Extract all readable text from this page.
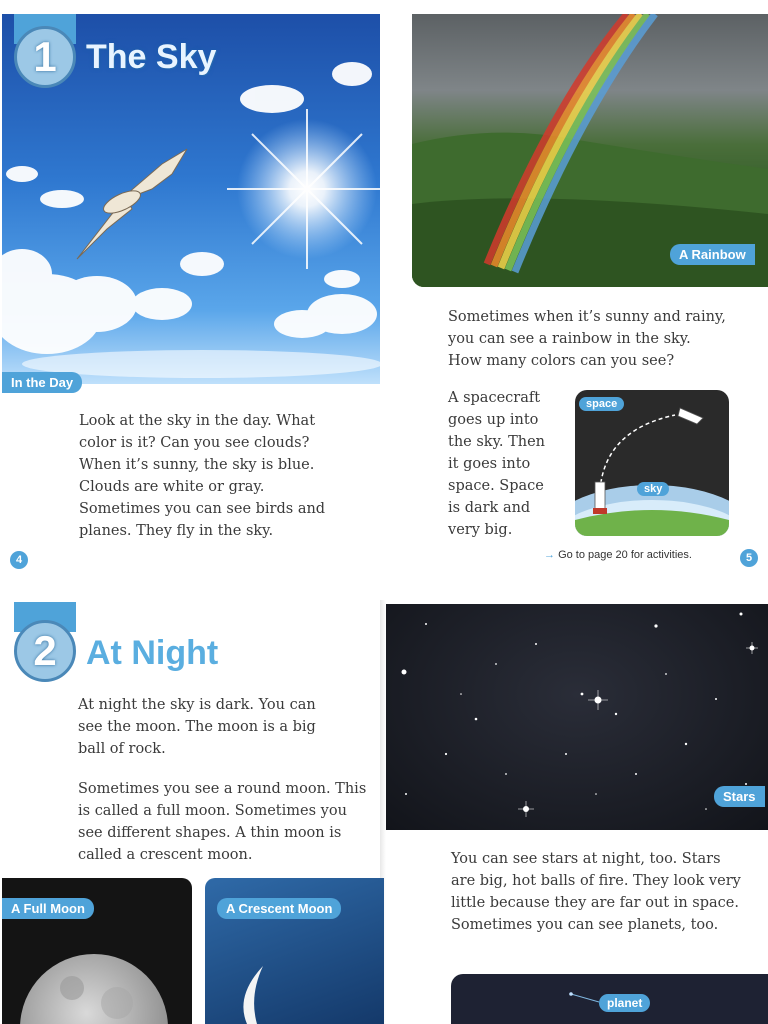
1 The Sky
In the Day
Look at the sky in the day. What color is it? Can you see clouds? When it’s sunny, the sky is blue. Clouds are white or gray. Sometimes you can see birds and planes. They fly in the sky.
4
A Rainbow
Sometimes when it’s sunny and rainy, you can see a rainbow in the sky. How many colors can you see?
A spacecraft goes up into the sky. Then it goes into space. Space is dark and very big.
space
sky
→ Go to page 20 for activities.	5
2 At Night
At night the sky is dark. You can see the moon. The moon is a big ball of rock.
Sometimes you see a round moon. This is called a full moon. Sometimes you see different shapes. A thin moon is called a crescent moon.
A Full Moon	A Crescent Moon
Stars
You can see stars at night, too. Stars are big, hot balls of fire. They look very little because they are far out in space. Sometimes you can see planets, too.
planet
